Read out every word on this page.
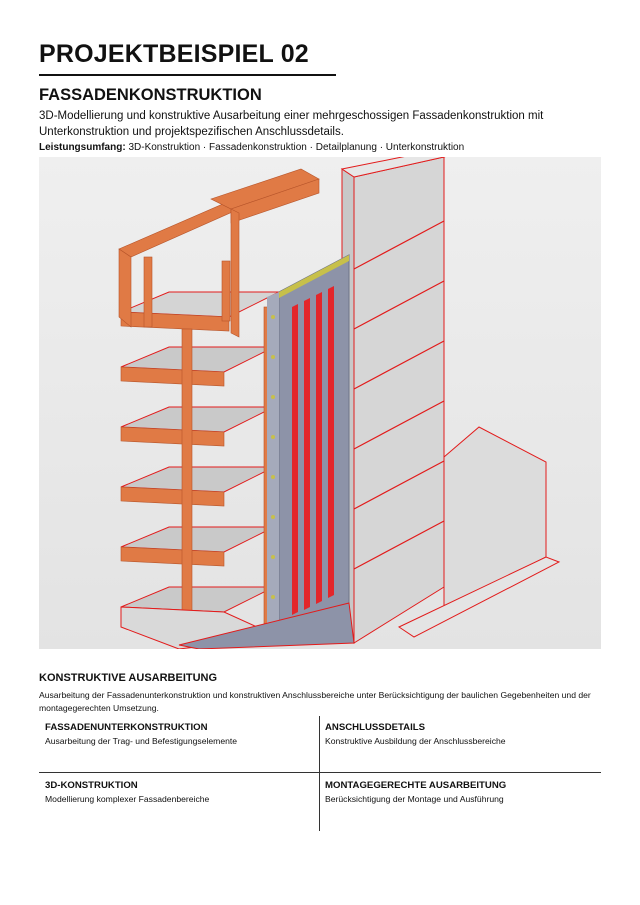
PROJEKTBEISPIEL 02
FASSADENKONSTRUKTION

3D-Modellierung und konstruktive Ausarbeitung einer mehrgeschossigen Fassadenkonstruktion mit Unterkonstruktion und projektspezifischen Anschlussdetails.

Leistungsumfang: 3D-Konstruktion · Fassadenkonstruktion · Detailplanung · Unterkonstruktion

KONSTRUKTIVE AUSARBEITUNG

Ausarbeitung der Fassadenunterkonstruktion und konstruktiven Anschlussbereiche unter Berücksichtigung der baulichen Gegebenheiten und der montagegerechten Umsetzung.

FASSADENUNTERKONSTRUKTION

Ausarbeitung der Trag- und Befestigungselemente

ANSCHLUSSDETAILS

Konstruktive Ausbildung der Anschlussbereiche

3D-KONSTRUKTION

Modellierung komplexer Fassadenbereiche

MONTAGEGERECHTE AUSARBEITUNG

Berücksichtigung der Montage und Ausführung
